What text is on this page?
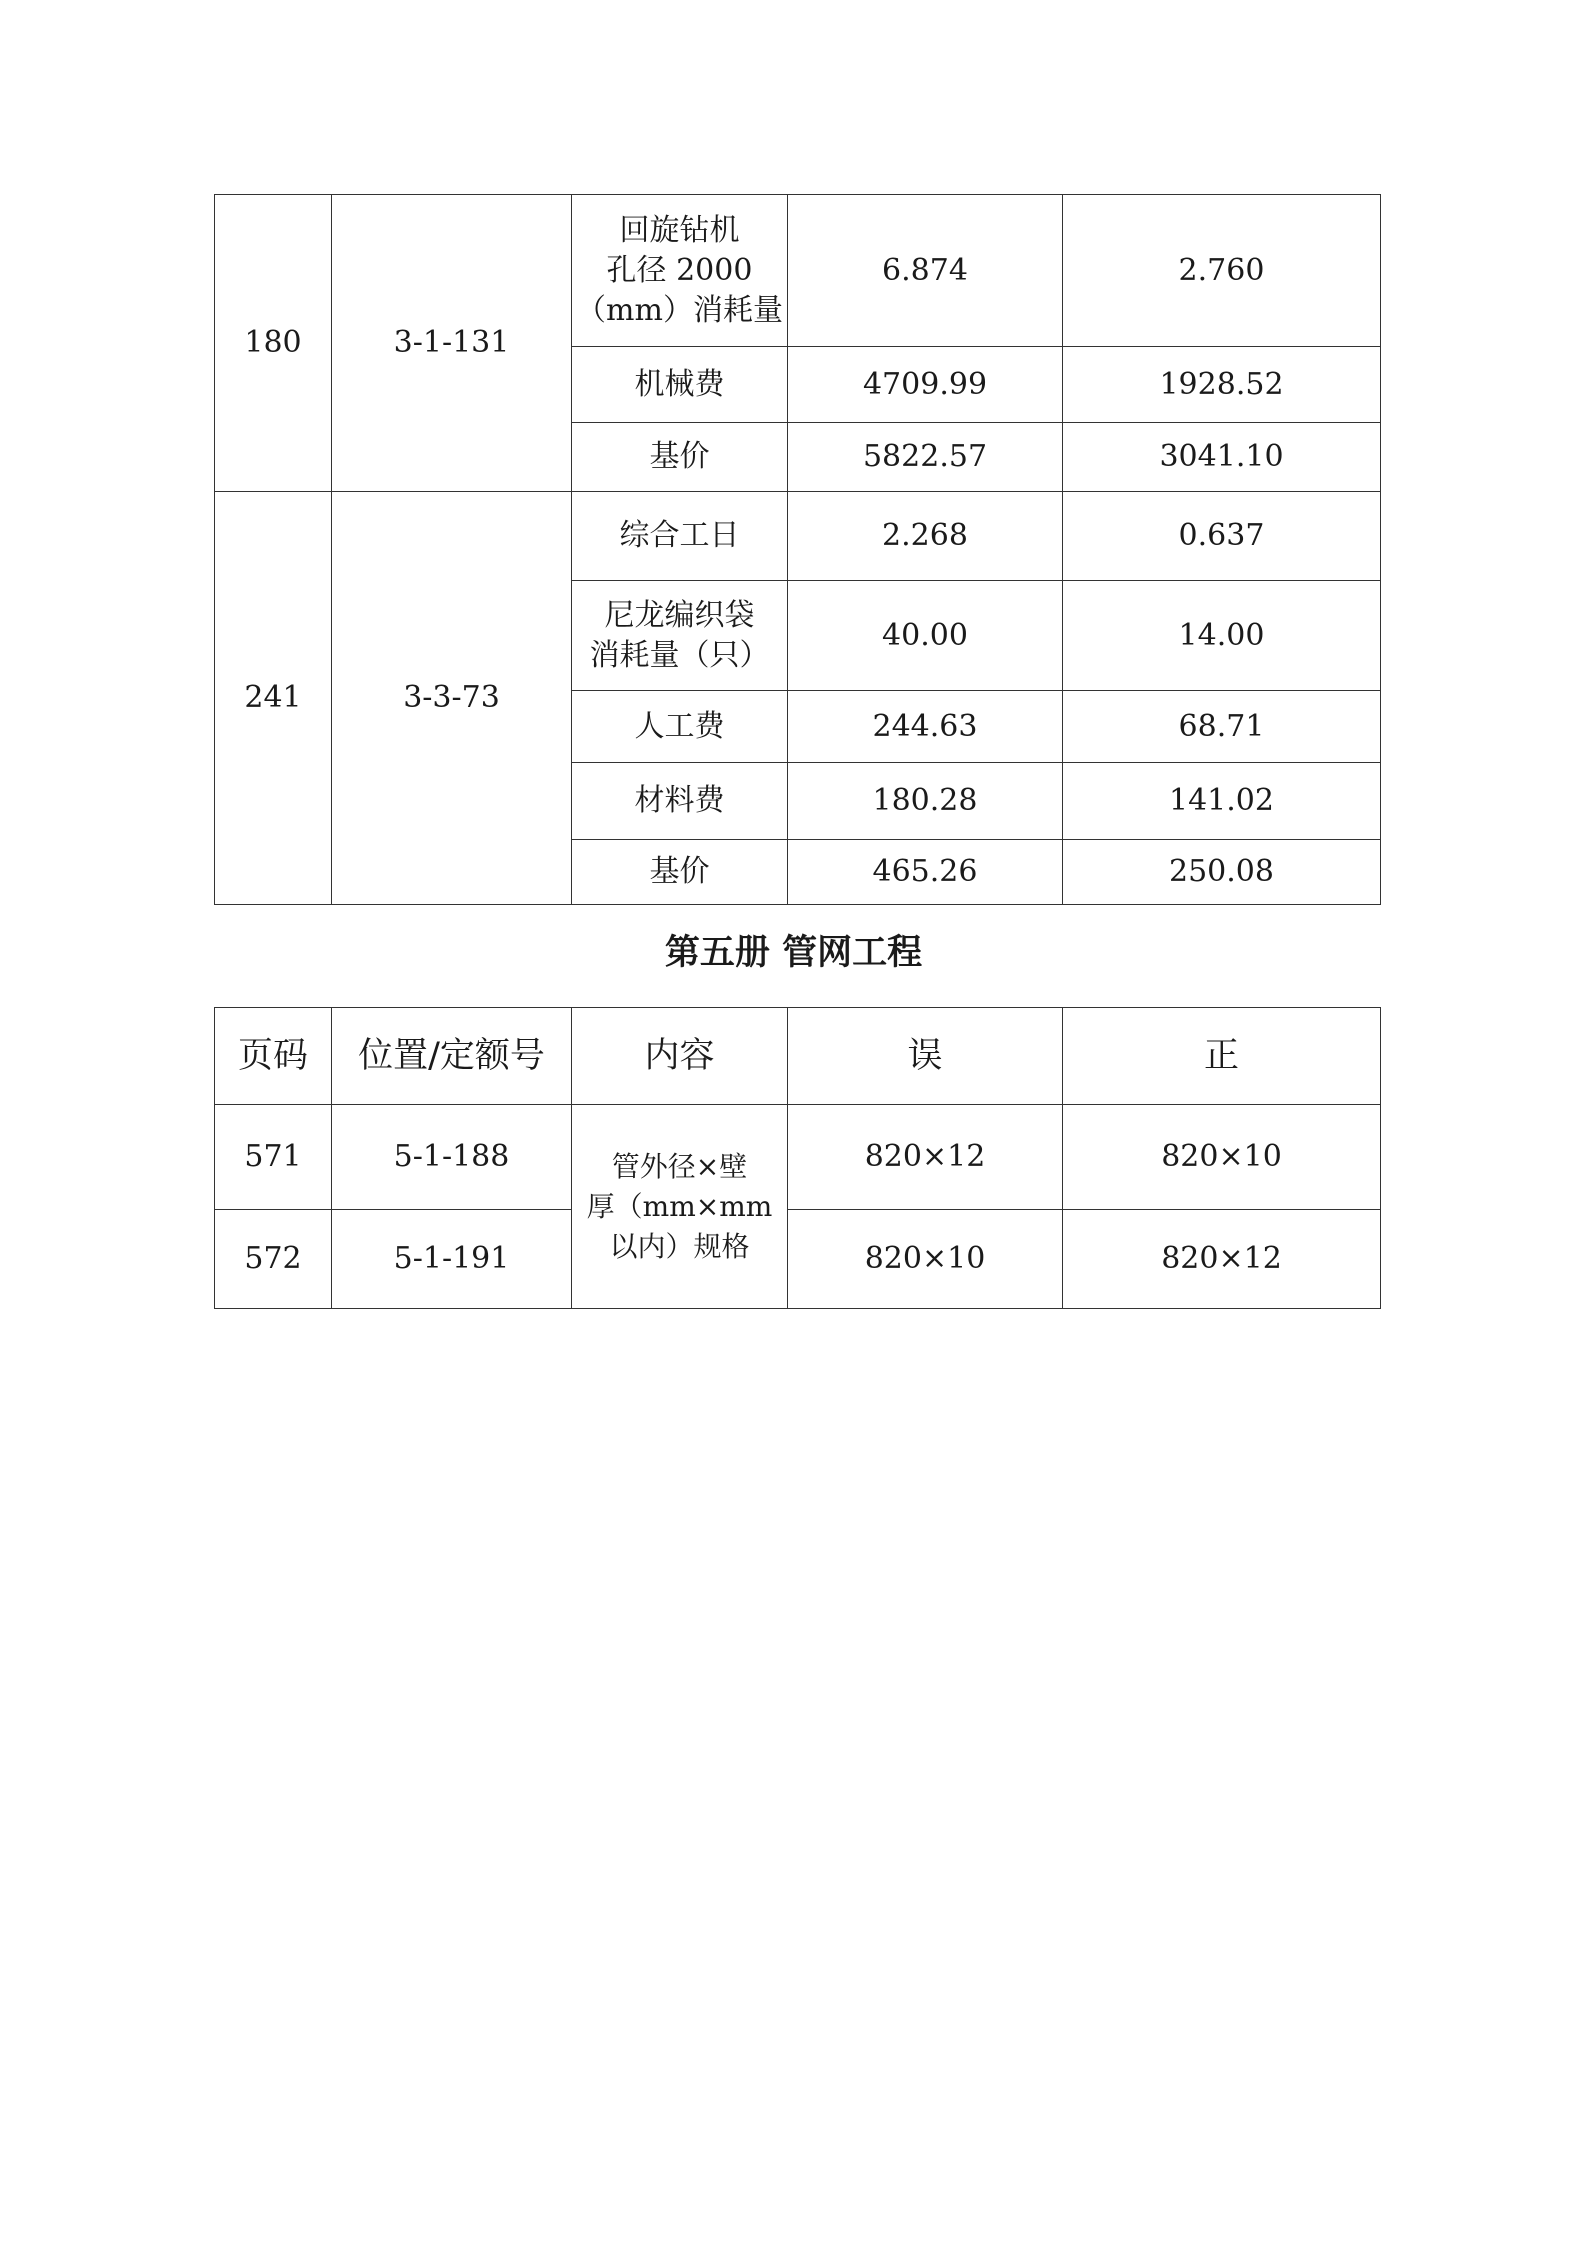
180	3-1-131	回旋钻机
孔径 2000
（mm）消耗量	6.874	2.760
		机械费	4709.99	1928.52
		基价	5822.57	3041.10
241	3-3-73	综合工日	2.268	0.637
		尼龙编织袋
消耗量（只）	40.00	14.00
		人工费	244.63	68.71
		材料费	180.28	141.02
		基价	465.26	250.08
第五册 管网工程
页码	位置/定额号	内容	误	正
571	5-1-188	管外径×壁
厚（mm×mm
以内）规格	820×12	820×10
572	5-1-191		820×10	820×12
